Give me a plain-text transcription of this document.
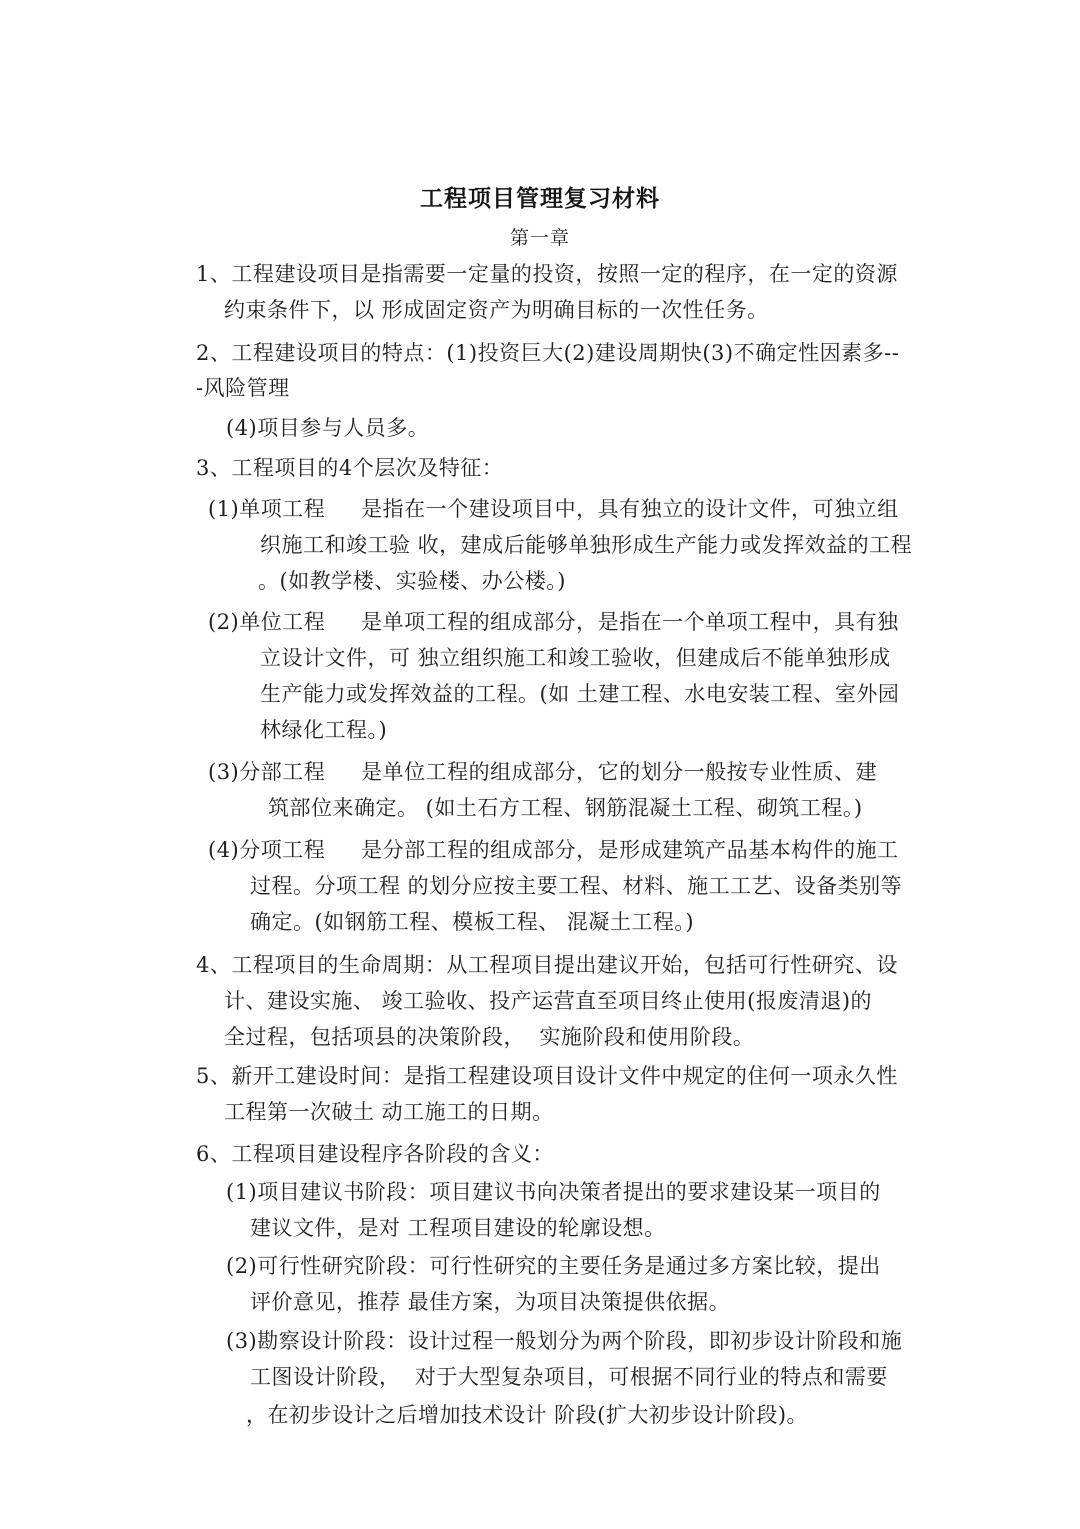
工程项目管理复习材料
第一章
1、工程建设项目是指需要一定量的投资，按照一定的程序，在一定的资源
约束条件下，以 形成固定资产为明确目标的一次性任务。
2、工程建设项目的特点：(1)投资巨大(2)建设周期快(3)不确定性因素多--
-风险管理
(4)项目参与人员多。
3、工程项目的4个层次及特征：
(1)单项工程     是指在一个建设项目中，具有独立的设计文件，可独立组
织施工和竣工验 收，建成后能够单独形成生产能力或发挥效益的工程
。(如教学楼、实验楼、办公楼。)
(2)单位工程     是单项工程的组成部分，是指在一个单项工程中，具有独
立设计文件，可 独立组织施工和竣工验收，但建成后不能单独形成
生产能力或发挥效益的工程。(如 土建工程、水电安装工程、室外园
林绿化工程。)
(3)分部工程     是单位工程的组成部分，它的划分一般按专业性质、建
筑部位来确定。 (如土石方工程、钢筋混凝土工程、砌筑工程。)
(4)分项工程     是分部工程的组成部分，是形成建筑产品基本构件的施工
过程。分项工程 的划分应按主要工程、材料、施工工艺、设备类别等
确定。(如钢筋工程、模板工程、 混凝土工程。)
4、工程项目的生命周期：从工程项目提出建议开始，包括可行性研究、设
计、建设实施、 竣工验收、投产运营直至项目终止使用(报废清退)的
全过程，包括项县的决策阶段，  实施阶段和使用阶段。
5、新开工建设时间：是指工程建设项目设计文件中规定的住何一项永久性
工程第一次破土 动工施工的日期。
6、工程项目建设程序各阶段的含义：
(1)项目建议书阶段：项目建议书向决策者提出的要求建设某一项目的
建议文件，是对 工程项目建设的轮廓设想。
(2)可行性研究阶段：可行性研究的主要任务是通过多方案比较，提出
评价意见，推荐 最佳方案，为项目决策提供依据。
(3)勘察设计阶段：设计过程一般划分为两个阶段，即初步设计阶段和施
工图设计阶段，  对于大型复杂项目，可根据不同行业的特点和需要
，在初步设计之后增加技术设计 阶段(扩大初步设计阶段)。
